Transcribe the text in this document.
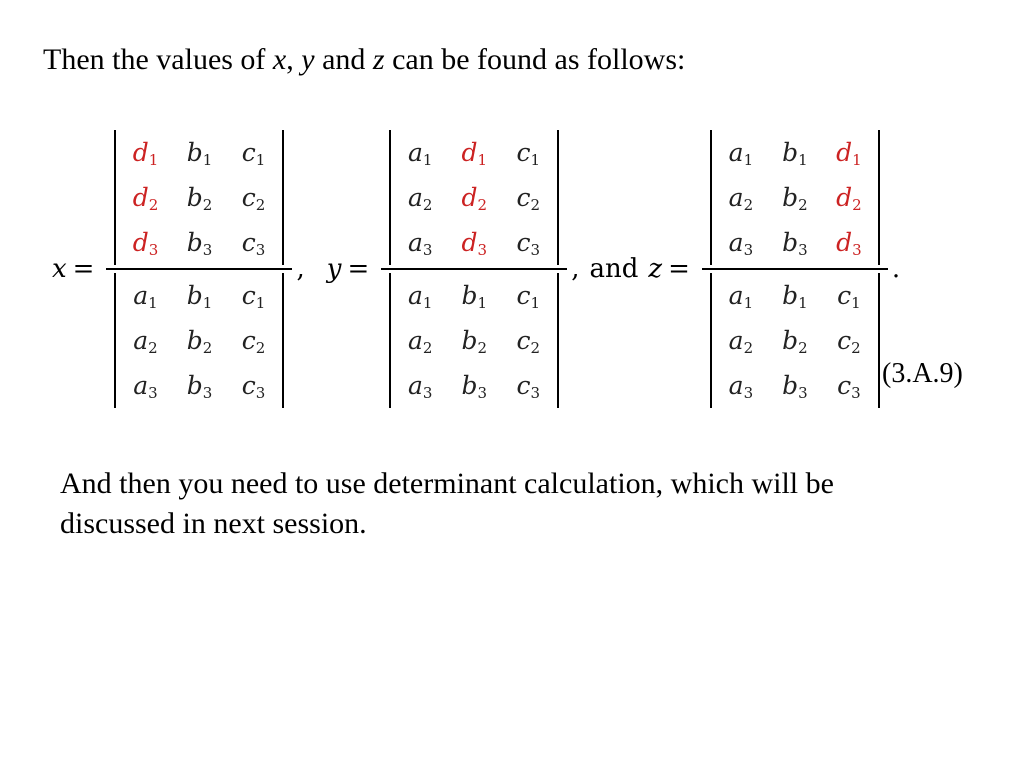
Then the values of x, y and z can be found as follows:

$x = d_1$	$b_1$	$c_1$
$d_2$	$b_2$	$c_2$
$d_3$	$b_3$	$c_3$
$a_1$	$b_1$	$c_1$
$a_2$	$b_2$	$c_2$
$a_3$	$b_3$	$c_3$ , $y = a_1$	$d_1$	$c_1$
$a_2$	$d_2$	$c_2$
$a_3$	$d_3$	$c_3$
$a_1$	$b_1$	$c_1$
$a_2$	$b_2$	$c_2$
$a_3$	$b_3$	$c_3$ , and $z = a_1$	$b_1$	$d_1$
$a_2$	$b_2$	$d_2$
$a_3$	$b_3$	$d_3$
$a_1$	$b_1$	$c_1$
$a_2$	$b_2$	$c_2$
$a_3$	$b_3$	$c_3$ .
(3.A.9)

And then you need to use determinant calculation, which will be discussed in next session.
